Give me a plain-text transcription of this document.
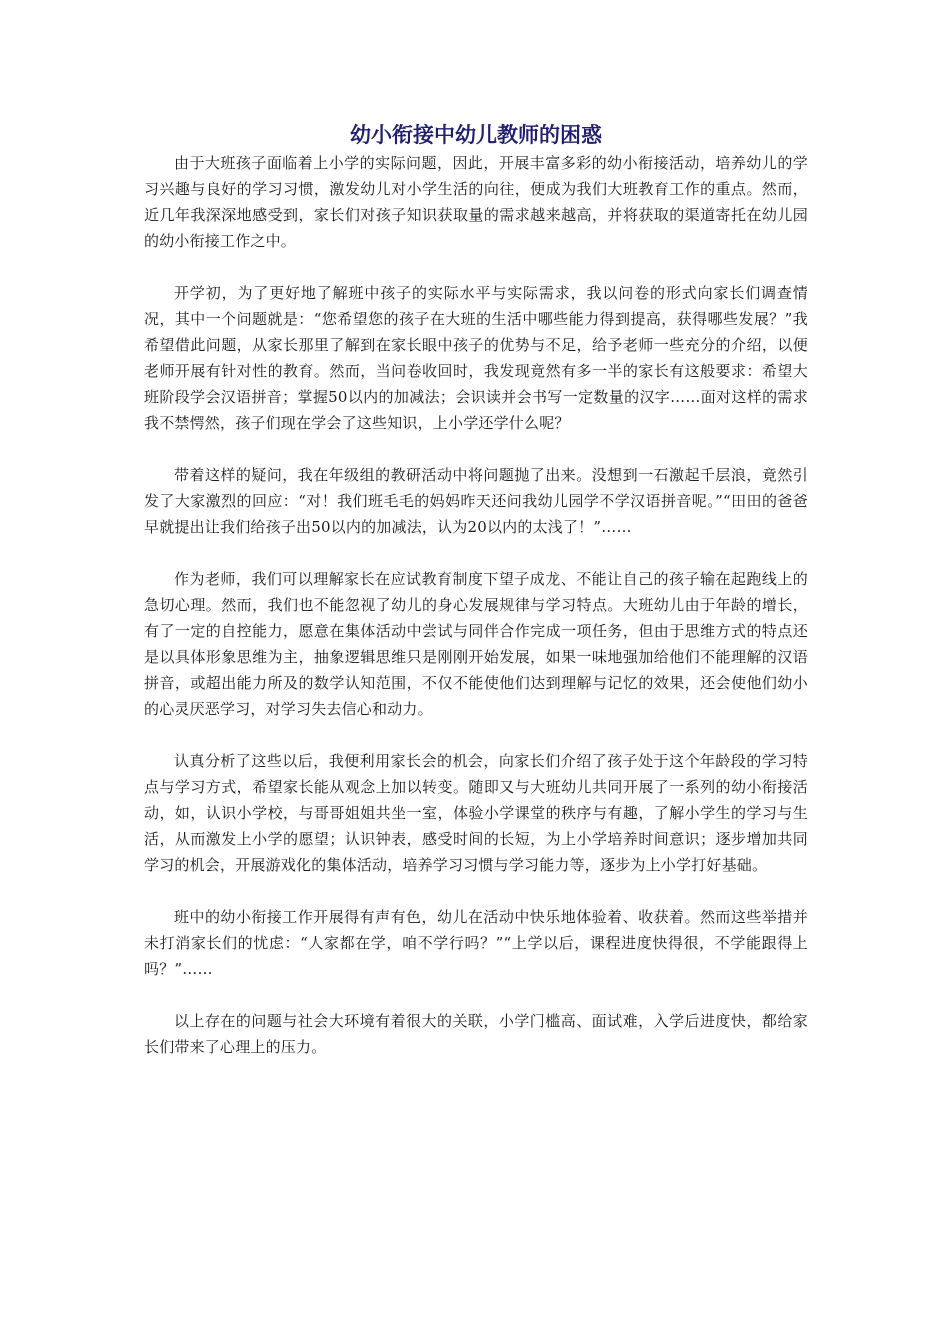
幼小衔接中幼儿教师的困惑

由于大班孩子面临着上小学的实际问题，因此，开展丰富多彩的幼小衔接活动，培养幼儿的学习兴趣与良好的学习习惯，激发幼儿对小学生活的向往，便成为我们大班教育工作的重点。然而，近几年我深深地感受到，家长们对孩子知识获取量的需求越来越高，并将获取的渠道寄托在幼儿园的幼小衔接工作之中。

开学初，为了更好地了解班中孩子的实际水平与实际需求，我以问卷的形式向家长们调查情况，其中一个问题就是：“您希望您的孩子在大班的生活中哪些能力得到提高，获得哪些发展？”我希望借此问题，从家长那里了解到在家长眼中孩子的优势与不足，给予老师一些充分的介绍，以便老师开展有针对性的教育。然而，当问卷收回时，我发现竟然有多一半的家长有这般要求：希望大班阶段学会汉语拼音；掌握50以内的加减法；会识读并会书写一定数量的汉字……面对这样的需求我不禁愕然，孩子们现在学会了这些知识，上小学还学什么呢？

带着这样的疑问，我在年级组的教研活动中将问题抛了出来。没想到一石激起千层浪，竟然引发了大家激烈的回应：“对！我们班毛毛的妈妈昨天还问我幼儿园学不学汉语拼音呢。”“田田的爸爸早就提出让我们给孩子出50以内的加减法，认为20以内的太浅了！”……

作为老师，我们可以理解家长在应试教育制度下望子成龙、不能让自己的孩子输在起跑线上的急切心理。然而，我们也不能忽视了幼儿的身心发展规律与学习特点。大班幼儿由于年龄的增长，有了一定的自控能力，愿意在集体活动中尝试与同伴合作完成一项任务，但由于思维方式的特点还是以具体形象思维为主，抽象逻辑思维只是刚刚开始发展，如果一味地强加给他们不能理解的汉语拼音，或超出能力所及的数学认知范围，不仅不能使他们达到理解与记忆的效果，还会使他们幼小的心灵厌恶学习，对学习失去信心和动力。

认真分析了这些以后，我便利用家长会的机会，向家长们介绍了孩子处于这个年龄段的学习特点与学习方式，希望家长能从观念上加以转变。随即又与大班幼儿共同开展了一系列的幼小衔接活动，如，认识小学校，与哥哥姐姐共坐一室，体验小学课堂的秩序与有趣，了解小学生的学习与生活，从而激发上小学的愿望；认识钟表，感受时间的长短，为上小学培养时间意识；逐步增加共同学习的机会，开展游戏化的集体活动，培养学习习惯与学习能力等，逐步为上小学打好基础。

班中的幼小衔接工作开展得有声有色，幼儿在活动中快乐地体验着、收获着。然而这些举措并未打消家长们的忧虑：“人家都在学，咱不学行吗？”“上学以后，课程进度快得很，不学能跟得上吗？”……

以上存在的问题与社会大环境有着很大的关联，小学门槛高、面试难，入学后进度快，都给家长们带来了心理上的压力。
